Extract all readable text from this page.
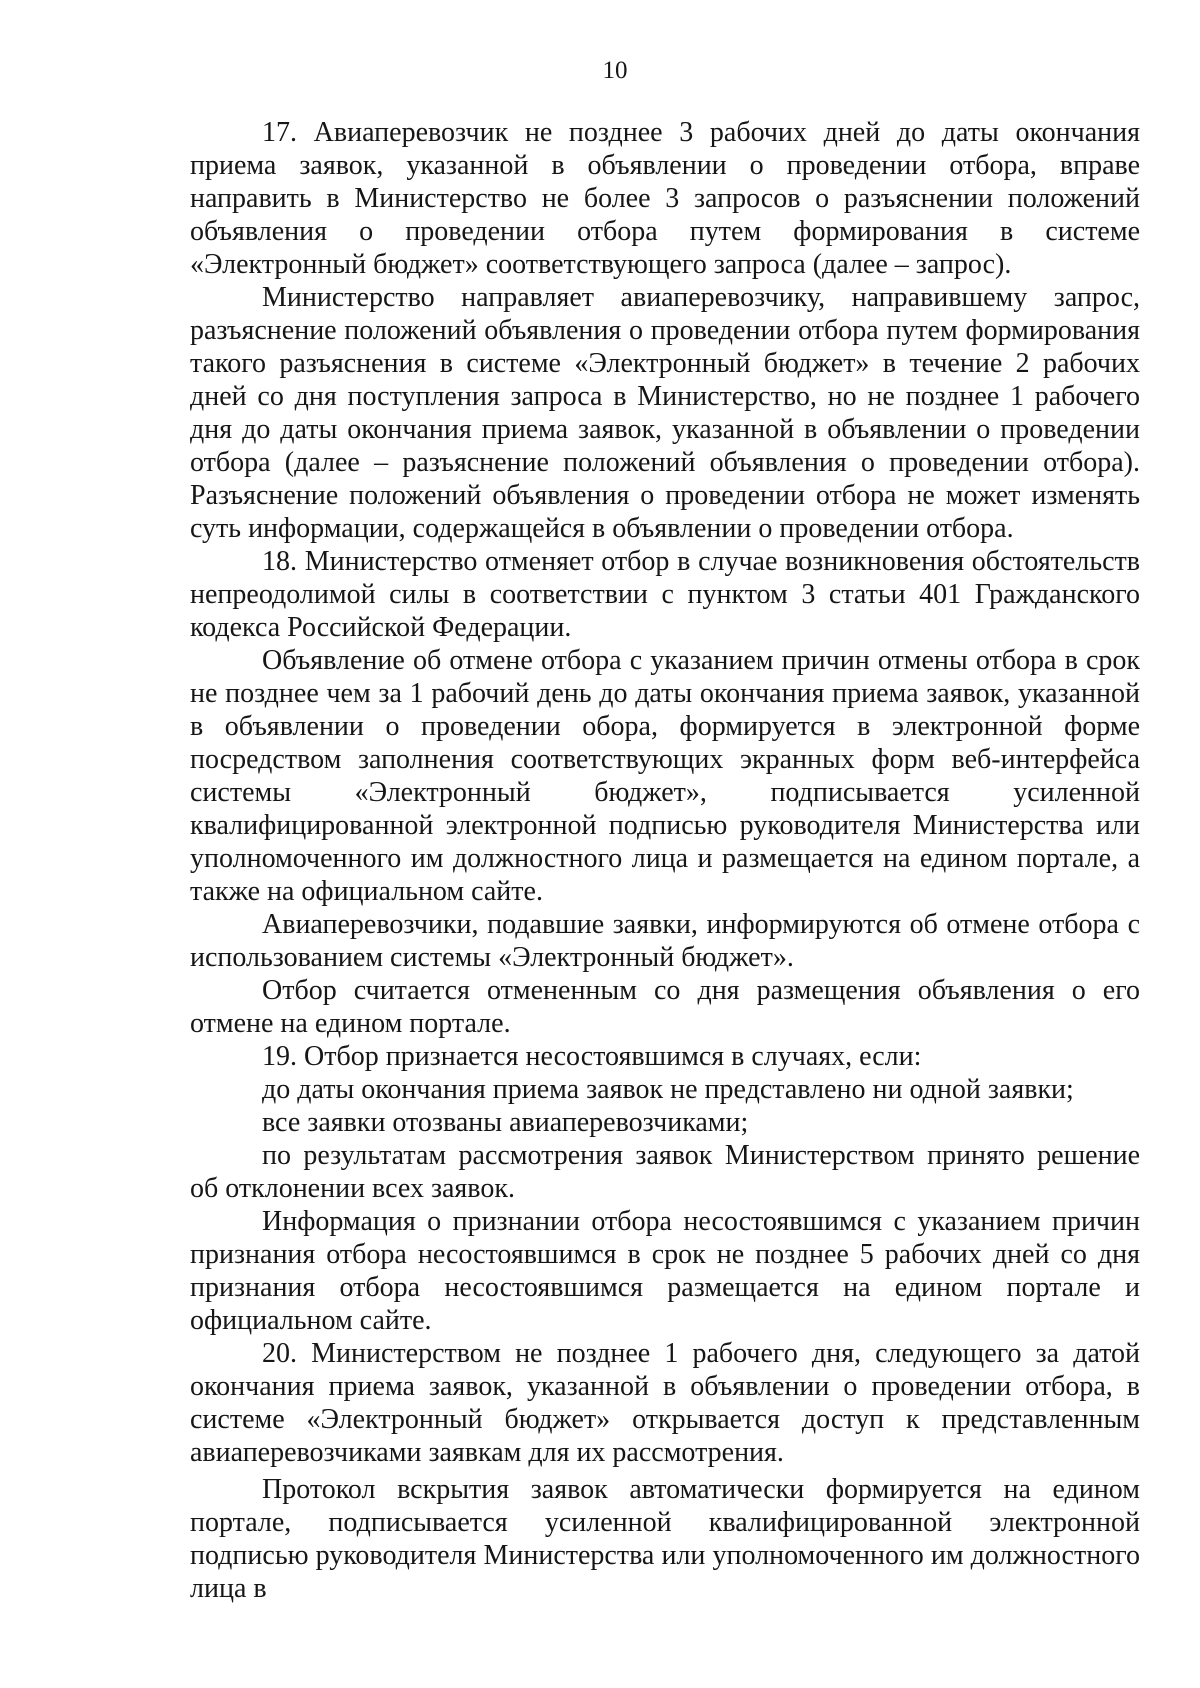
10

17. Авиаперевозчик не позднее 3 рабочих дней до даты окончания приема заявок, указанной в объявлении о проведении отбора, вправе направить в Министерство не более 3 запросов о разъяснении положений объявления о проведении отбора путем формирования в системе «Электронный бюджет» соответствующего запроса (далее – запрос).

Министерство направляет авиаперевозчику, направившему запрос, разъяснение положений объявления о проведении отбора путем формирования такого разъяснения в системе «Электронный бюджет» в течение 2 рабочих дней со дня поступления запроса в Министерство, но не позднее 1 рабочего дня до даты окончания приема заявок, указанной в объявлении о проведении отбора (далее – разъяснение положений объявления о проведении отбора). Разъяснение положений объявления о проведении отбора не может изменять суть информации, содержащейся в объявлении о проведении отбора.

18. Министерство отменяет отбор в случае возникновения обстоятельств непреодолимой силы в соответствии с пунктом 3 статьи 401 Гражданского кодекса Российской Федерации.

Объявление об отмене отбора с указанием причин отмены отбора в срок не позднее чем за 1 рабочий день до даты окончания приема заявок, указанной в объявлении о проведении обора, формируется в электронной форме посредством заполнения соответствующих экранных форм веб-интерфейса системы «Электронный бюджет», подписывается усиленной квалифицированной электронной подписью руководителя Министерства или уполномоченного им должностного лица и размещается на едином портале, а также на официальном сайте.

Авиаперевозчики, подавшие заявки, информируются об отмене отбора с использованием системы «Электронный бюджет».

Отбор считается отмененным со дня размещения объявления о его отмене на едином портале.

19. Отбор признается несостоявшимся в случаях, если:

до даты окончания приема заявок не представлено ни одной заявки;

все заявки отозваны авиаперевозчиками;

по результатам рассмотрения заявок Министерством принято решение об отклонении всех заявок.

Информация о признании отбора несостоявшимся с указанием причин признания отбора несостоявшимся в срок не позднее 5 рабочих дней со дня признания отбора несостоявшимся размещается на едином портале и официальном сайте.

20. Министерством не позднее 1 рабочего дня, следующего за датой окончания приема заявок, указанной в объявлении о проведении отбора, в системе «Электронный бюджет» открывается доступ к представленным авиаперевозчиками заявкам для их рассмотрения.

Протокол вскрытия заявок автоматически формируется на едином портале, подписывается усиленной квалифицированной электронной подписью руководителя Министерства или уполномоченного им должностного лица в
